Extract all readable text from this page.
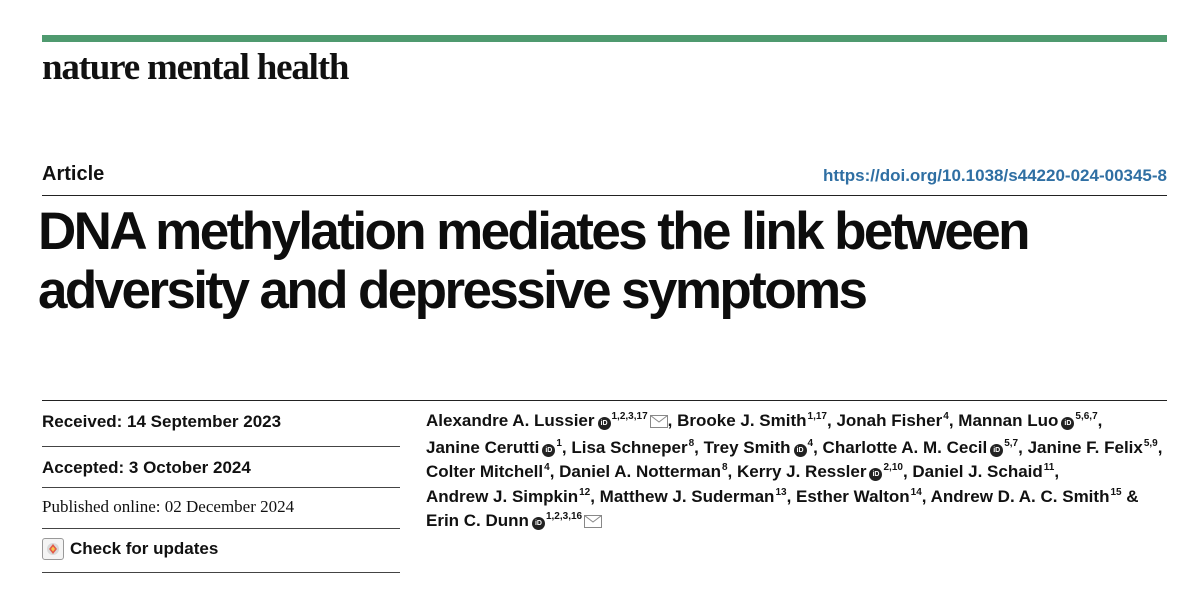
nature mental health
Article	https://doi.org/10.1038/s44220-024-00345-8
DNA methylation mediates the link between adversity and depressive symptoms
Received: 14 September 2023
Accepted: 3 October 2024
Published online: 02 December 2024
Check for updates
Alexandre A. Lussier iD$^{1,2,3,17}$ , Brooke J. Smith$^{1,17}$, Jonah Fisher$^4$, Mannan Luo iD$^{5,6,7}$, Janine Cerutti $iD^1$, Lisa Schneper$^8$, Trey Smith $iD^4$, Charlotte A. M. Cecil iD$^{5,7}$, Janine F. Felix$^{5,9}$, Colter Mitchell$^4$, Daniel A. Notterman$^8$, Kerry J. Ressler iD$^{2,10}$, Daniel J. Schaid$^{11}$, Andrew J. Simpkin$^{12}$, Matthew J. Suderman$^{13}$, Esther Walton$^{14}$, Andrew D. A. C. Smith$^{15}$ & Erin C. Dunn iD$^{1,2,3,16}$
